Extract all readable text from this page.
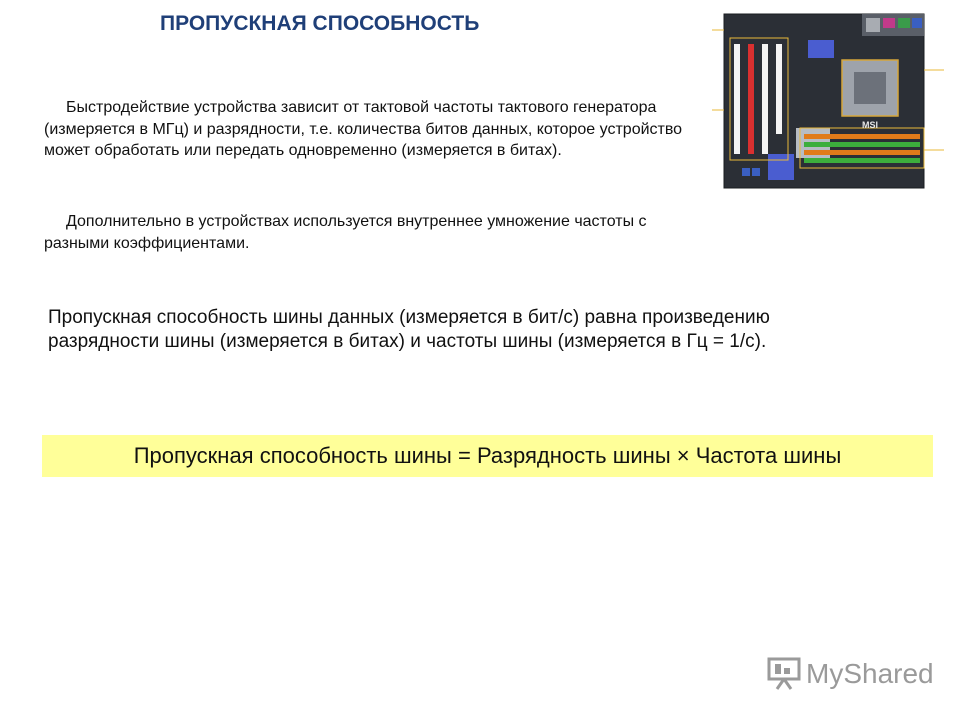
ПРОПУСКНАЯ СПОСОБНОСТЬ

Быстродействие устройства зависит от тактовой частоты тактового генератора (измеряется в МГц) и разрядности, т.е. количества битов данных, которое устройство может обработать или передать одновременно (измеряется в битах).

Дополнительно в устройствах используется внутреннее умножение частоты с разными коэффициентами.

Пропускная способность шины данных (измеряется в бит/с) равна произведению разрядности шины (измеряется в битах) и частоты шины (измеряется в Гц = 1/с).

Пропускная способность шины = Разрядность шины × Частота шины
MSI
MyShared
